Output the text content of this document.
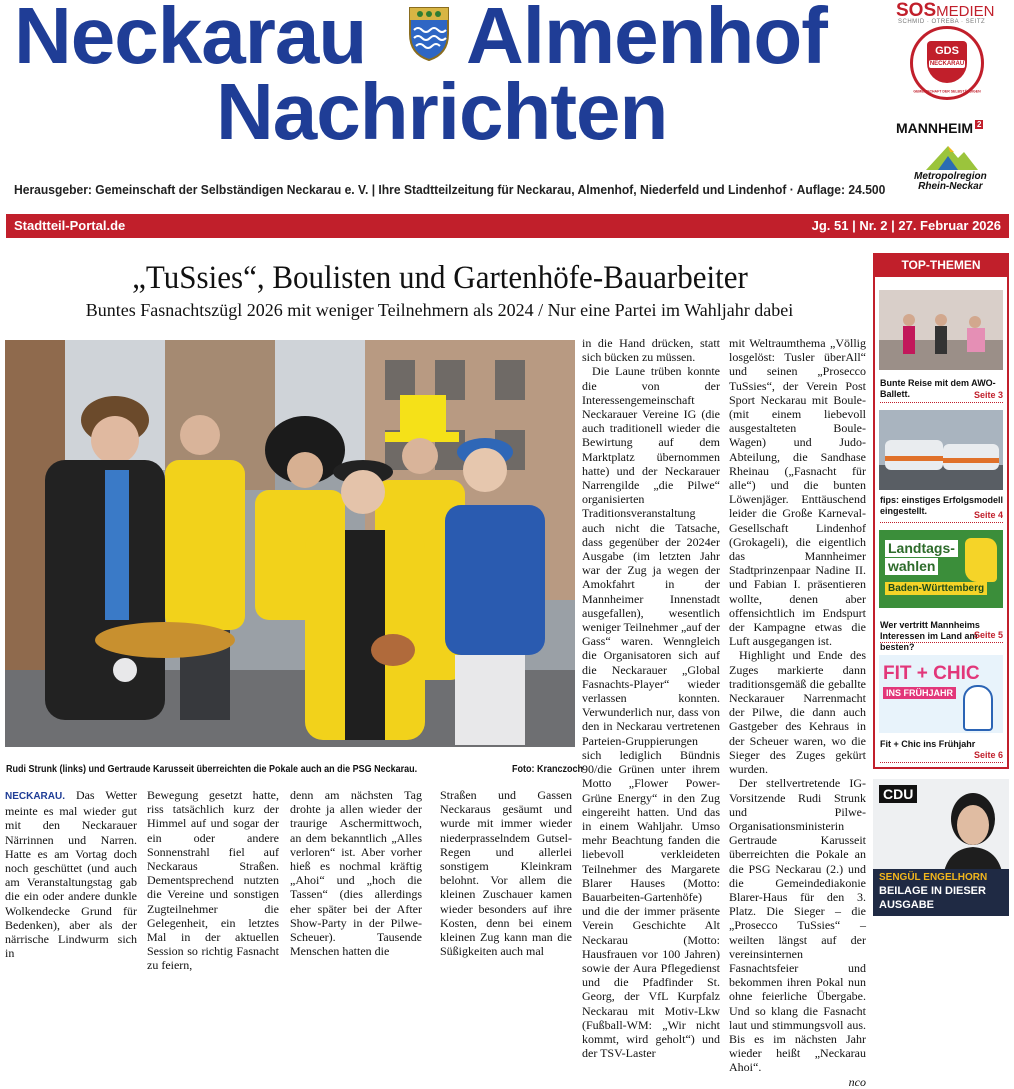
Neckarau Almenhof
Nachrichten
Herausgeber: Gemeinschaft der Selbständigen Neckarau e. V. | Ihre Stadtteilzeitung für Neckarau, Almenhof, Niederfeld und Lindenhof · Auflage: 24.500
SOSMEDIEN
SCHMID · OTREBA · SEITZ
GDS
NECKARAU
GEMEINSCHAFT DER SELBSTÄNDIGEN
MANNHEIM $^2$
Metropolregion
Rhein-Neckar
Stadtteil-Portal.de	Jg. 51 | Nr. 2 | 27. Februar 2026
„TuSsies“, Boulisten und Gartenhöfe-Bauarbeiter
Buntes Fasnachtszügl 2026 mit weniger Teilnehmern als 2024 / Nur eine Partei im Wahljahr dabei
Rudi Strunk (links) und Gertraude Karusseit überreichten die Pokale auch an die PSG Neckarau.	Foto: Kranczoch

NECKARAU. Das Wetter meinte es mal wieder gut mit den Neckarauer Närrinnen und Narren. Hatte es am Vortag doch noch geschüttet (und auch am Veranstaltungstag gab die ein oder andere dunkle Wolkendecke Grund für Bedenken), aber als der närrische Lindwurm sich in

Bewegung gesetzt hatte, riss tatsächlich kurz der Himmel auf und sogar der ein oder andere Sonnenstrahl fiel auf Neckaraus Straßen. Dementsprechend nutzten die Vereine und sonstigen Zugteilnehmer die Gelegenheit, ein letztes Mal in der aktuellen Session so richtig Fasnacht zu feiern,

denn am nächsten Tag drohte ja allen wieder der traurige Aschermittwoch, an dem bekanntlich „Alles verloren“ ist. Aber vorher hieß es nochmal kräftig „Ahoi“ und „hoch die Tassen“ (dies allerdings eher später bei der After Show-Party in der Pilwe-Scheuer). Tausende Menschen hatten die

Straßen und Gassen Neckaraus gesäumt und wurde mit immer wieder niederprasselndem Gutsel-Regen und allerlei sonstigem Kleinkram belohnt. Vor allem die kleinen Zuschauer kamen wieder besonders auf ihre Kosten, denn bei einem kleinen Zug kann man die Süßigkeiten auch mal

in die Hand drücken, statt sich bücken zu müssen.

Die Laune trüben konnte die von der Interessengemeinschaft Neckarauer Vereine IG (die auch traditionell wieder die Bewirtung auf dem Marktplatz übernommen hatte) und der Neckarauer Narrengilde „die Pilwe“ organisierten Traditionsveranstaltung auch nicht die Tatsache, dass gegenüber der 2024er Ausgabe (im letzten Jahr war der Zug ja wegen der Amokfahrt in der Mannheimer Innenstadt ausgefallen), wesentlich weniger Teilnehmer „auf der Gass“ waren. Wenngleich die Organisatoren sich auf die Neckarauer „Global Fasnachts-Player“ wieder verlassen konnten. Verwunderlich nur, dass von den in Neckarau vertretenen Parteien-Gruppierungen sich lediglich Bündnis 90/die Grünen unter ihrem Motto „Flower Power-Grüne Energy“ in den Zug eingereiht hatten. Und das in einem Wahljahr. Umso mehr Beachtung fanden die liebevoll verkleideten Teilnehmer des Margarete Blarer Hauses (Motto: Bauarbeiten-Gartenhöfe) und die der immer präsente Verein Geschichte Alt Neckarau (Motto: Hausfrauen vor 100 Jahren) sowie der Aura Pflegedienst und die Pfadfinder St. Georg, der VfL Kurpfalz Neckarau mit Motiv-Lkw (Fußball-WM: „Wir nicht kommt, wird geholt“) und der TSV-Laster

mit Weltraumthema „Völlig losgelöst: Tusler überAll“ und seinen „Prosecco TuSsies“, der Verein Post Sport Neckarau mit Boule- (mit einem liebevoll ausgestalteten Boule-Wagen) und Judo-Abteilung, die Sandhase Rheinau („Fasnacht für alle“) und die bunten Löwenjäger. Enttäuschend leider die Große Karneval-Gesellschaft Lindenhof (Grokageli), die eigentlich das Mannheimer Stadtprinzenpaar Nadine II. und Fabian I. präsentieren wollte, denen aber offensichtlich im Endspurt der Kampagne etwas die Luft ausgegangen ist.

Highlight und Ende des Zuges markierte dann traditionsgemäß die geballte Neckarauer Narrenmacht der Pilwe, die dann auch Gastgeber des Kehraus in der Scheuer waren, wo die Sieger des Zuges gekürt wurden.

Der stellvertretende IG-Vorsitzende Rudi Strunk und Pilwe-Organisationsministerin Gertraude Karusseit überreichten die Pokale an die PSG Neckarau (2.) und die Gemeindediakonie Blarer-Haus für den 3. Platz. Die Sieger – die „Prosecco TuSsies“ – weilten längst auf der vereinsinternen Fasnachtsfeier und bekommen ihren Pokal nun ohne feierliche Übergabe. Und so klang die Fasnacht laut und stimmungsvoll aus. Bis es im nächsten Jahr wieder heißt „Neckarau Ahoi“.

nco

TOP-THEMEN
Bunte Reise mit dem AWO-Ballett.	Seite 3
fips: einstiges Erfolgsmodell eingestellt.	Seite 4
Landtags-
wahlen
Baden-Württemberg
Wer vertritt Mannheims Interessen im Land am besten?
Seite 5
FIT + CHIC
INS FRÜHJAHR
Fit + Chic ins Frühjahr
Seite 6
CDU
SENGÜL ENGELHORN
BEILAGE IN DIESER
AUSGABE
